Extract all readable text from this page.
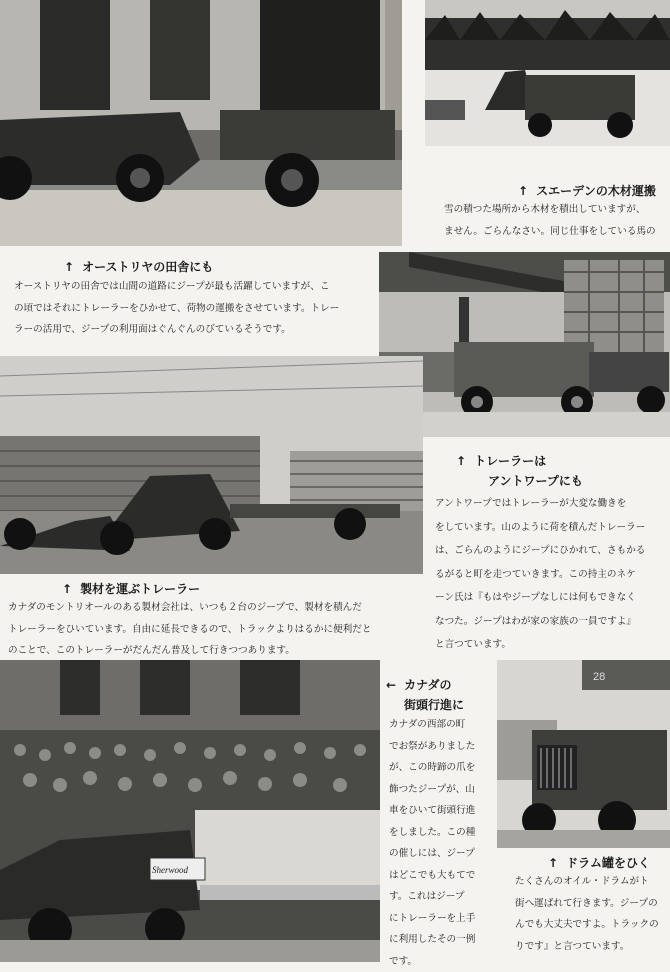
Sherwood
28
↑ スエーデンの木材運搬
雪の積つた場所から木材を積出していますが、
ません。ごらんなさい。同じ仕事をしている馬の
↑ オーストリヤの田舎にも
オーストリヤの田舎では山間の道路にジープが最も活躍していますが、こ
の頃ではそれにトレーラーをひかせて、荷物の運搬をさせています。トレー
ラーの活用で、ジープの利用面はぐんぐんのびているそうです。
↑ トレーラーは
アントワープにも
アントワープではトレーラーが大変な働きを
をしています。山のように荷を積んだトレーラー
は、ごらんのようにジープにひかれて、さもかる
るがると町を走つていきます。この持主のネケ
ーン氏は『もはやジープなしには何もできなく
なつた。ジープはわが家の家族の一員ですよ』
と言つています。
↑ 製材を運ぶトレーラー
カナダのモントリオールのある製材会社は、いつも２台のジープで、製材を積んだ
トレーラーをひいています。自由に延長できるので、トラックよりはるかに便利だと
のことで、このトレーラーがだんだん普及して行きつつあります。
← カナダの
街頭行進に
カナダの西部の町
でお祭がありました
が、この時蹄の爪を
飾つたジープが、山
車をひいて街頭行進
をしました。この種
の催しには、ジープ
はどこでも大もてで
す。これはジープ
にトレーラーを上手
に利用したその一例
です。
↑ ドラム罐をひく
たくさんのオイル・ドラムがト
街へ運ばれて行きます。ジープの
んでも大丈夫ですよ。トラックの
りです』と言つています。
